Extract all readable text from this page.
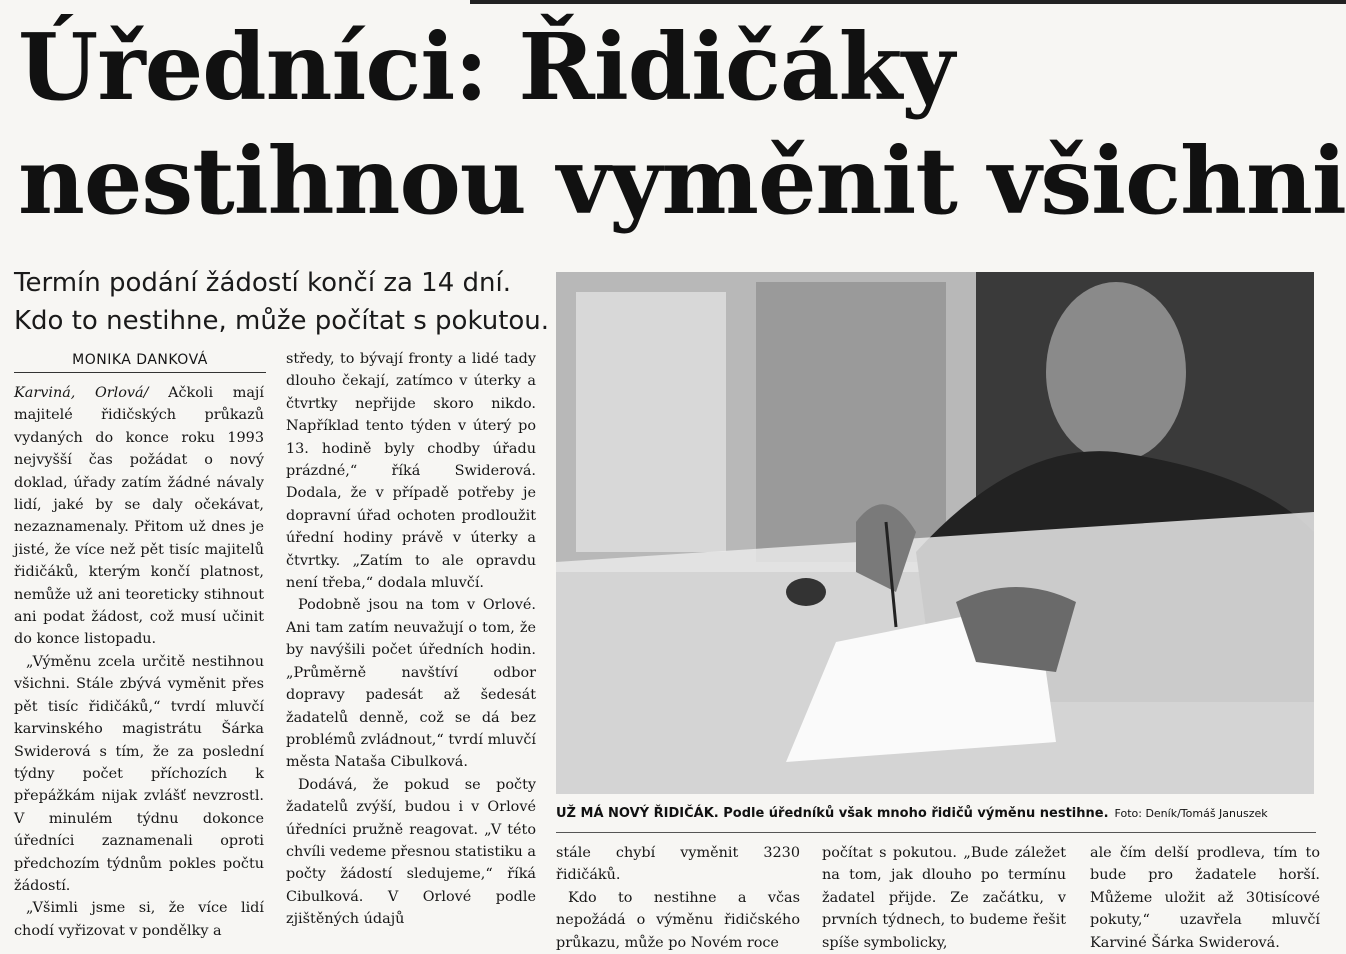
Úředníci: Řidičáky
nestihnou vyměnit všichni
Termín podání žádostí končí za 14 dní.
Kdo to nestihne, může počítat s pokutou.
MONIKA DANKOVÁ

Karviná, Orlová/ Ačkoli mají majitelé řidičských průkazů vydaných do konce roku 1993 nejvyšší čas požádat o nový doklad, úřady zatím žádné návaly lidí, jaké by se daly očekávat, nezaznamenaly. Přitom už dnes je jisté, že více než pět tisíc majitelů řidičáků, kterým končí platnost, nemůže už ani teoreticky stihnout ani podat žádost, což musí učinit do konce listopadu.

„Výměnu zcela určitě nestihnou všichni. Stále zbývá vyměnit přes pět tisíc řidičáků,“ tvrdí mluvčí karvinského magistrátu Šárka Swiderová s tím, že za poslední týdny počet příchozích k přepážkám nijak zvlášť nevzrostl. V minulém týdnu dokonce úředníci zaznamenali oproti předchozím týdnům pokles počtu žádostí.

„Všimli jsme si, že více lidí chodí vyřizovat v pondělky a

středy, to bývají fronty a lidé tady dlouho čekají, zatímco v úterky a čtvrtky nepřijde skoro nikdo. Například tento týden v úterý po 13. hodině byly chodby úřadu prázdné,“ říká Swiderová. Dodala, že v případě potřeby je dopravní úřad ochoten prodloužit úřední hodiny právě v úterky a čtvrtky. „Zatím to ale opravdu není třeba,“ dodala mluvčí.

Podobně jsou na tom v Orlové. Ani tam zatím neuvažují o tom, že by navýšili počet úředních hodin. „Průměrně navštíví odbor dopravy padesát až šedesát žadatelů denně, což se dá bez problémů zvládnout,“ tvrdí mluvčí města Nataša Cibulková.

Dodává, že pokud se počty žadatelů zvýší, budou i v Orlové úředníci pružně reagovat. „V této chvíli vedeme přesnou statistiku a počty žádostí sledujeme,“ říká Cibulková. V Orlové podle zjištěných údajů

UŽ MÁ NOVÝ ŘIDIČÁK. Podle úředníků však mnoho řidičů výměnu nestihne. Foto: Deník/Tomáš Januszek

stále chybí vyměnit 3230 řidičáků.

Kdo to nestihne a včas nepožádá o výměnu řidičského průkazu, může po Novém roce

počítat s pokutou. „Bude záležet na tom, jak dlouho po termínu žadatel přijde. Ze začátku, v prvních týdnech, to budeme řešit spíše symbolicky,

ale čím delší prodleva, tím to bude pro žadatele horší. Můžeme uložit až 30tisícové pokuty,“ uzavřela mluvčí Karviné Šárka Swiderová.
